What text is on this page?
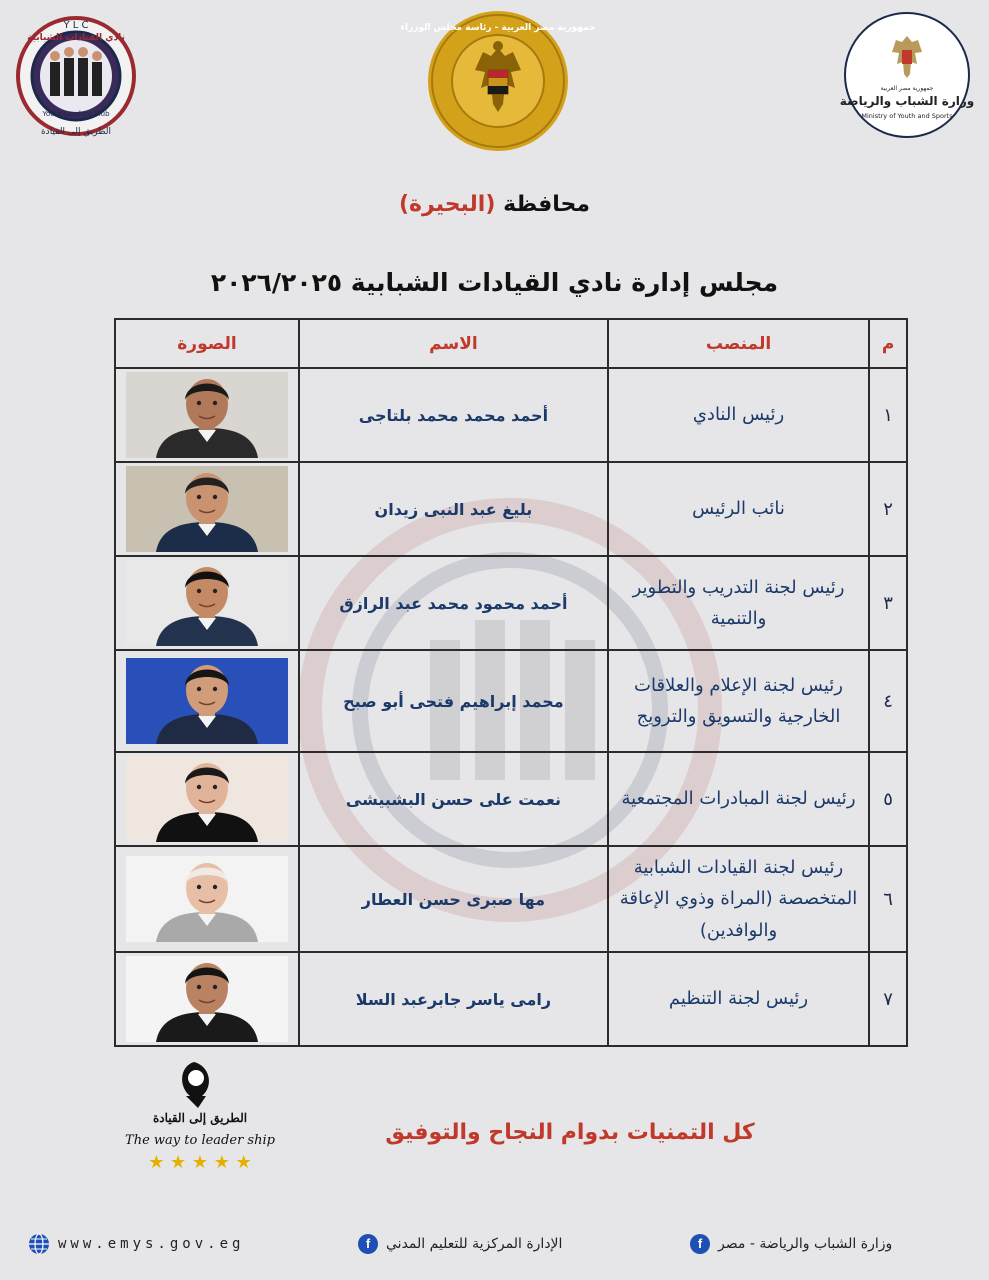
Y L C
نادي القيادات الشبابية
Youth Leaders Club
الطريق إلى القيادة
جمهورية مصر العربية - رئاسة مجلس الوزراء
جمهورية مصر العربية
وزارة الشباب والرياضة
Ministry of Youth and Sports
محافظة (البحيرة)
مجلس إدارة نادي القيادات الشبابية ٢٠٢٦/٢٠٢٥
م	المنصب	الاسم	الصورة
١	رئيس النادي	أحمد محمد محمد بلتاجى	

٢	نائب الرئيس	بليغ عبد النبى زيدان	

٣	رئيس لجنة التدريب والتطوير والتنمية	أحمد محمود محمد عبد الرازق	

٤	رئيس لجنة الإعلام والعلاقات الخارجية والتسويق والترويج	محمد إبراهيم فتحى أبو صبح	

٥	رئيس لجنة المبادرات المجتمعية	نعمت على حسن البشبيشى	

٦	رئيس لجنة القيادات الشبابية المتخصصة (المراة وذوي الإعاقة والوافدين)	مها صبرى حسن العطار	

٧	رئيس لجنة التنظيم	رامى ياسر جابرعبد السلا	
الطريق إلى القيادة
The way to leader ship
★ ★ ★ ★ ★
كل التمنيات بدوام النجاح والتوفيق
وزارة الشباب والرياضة - مصر
f
الإدارة المركزية للتعليم المدني
f
www.emys.gov.eg
